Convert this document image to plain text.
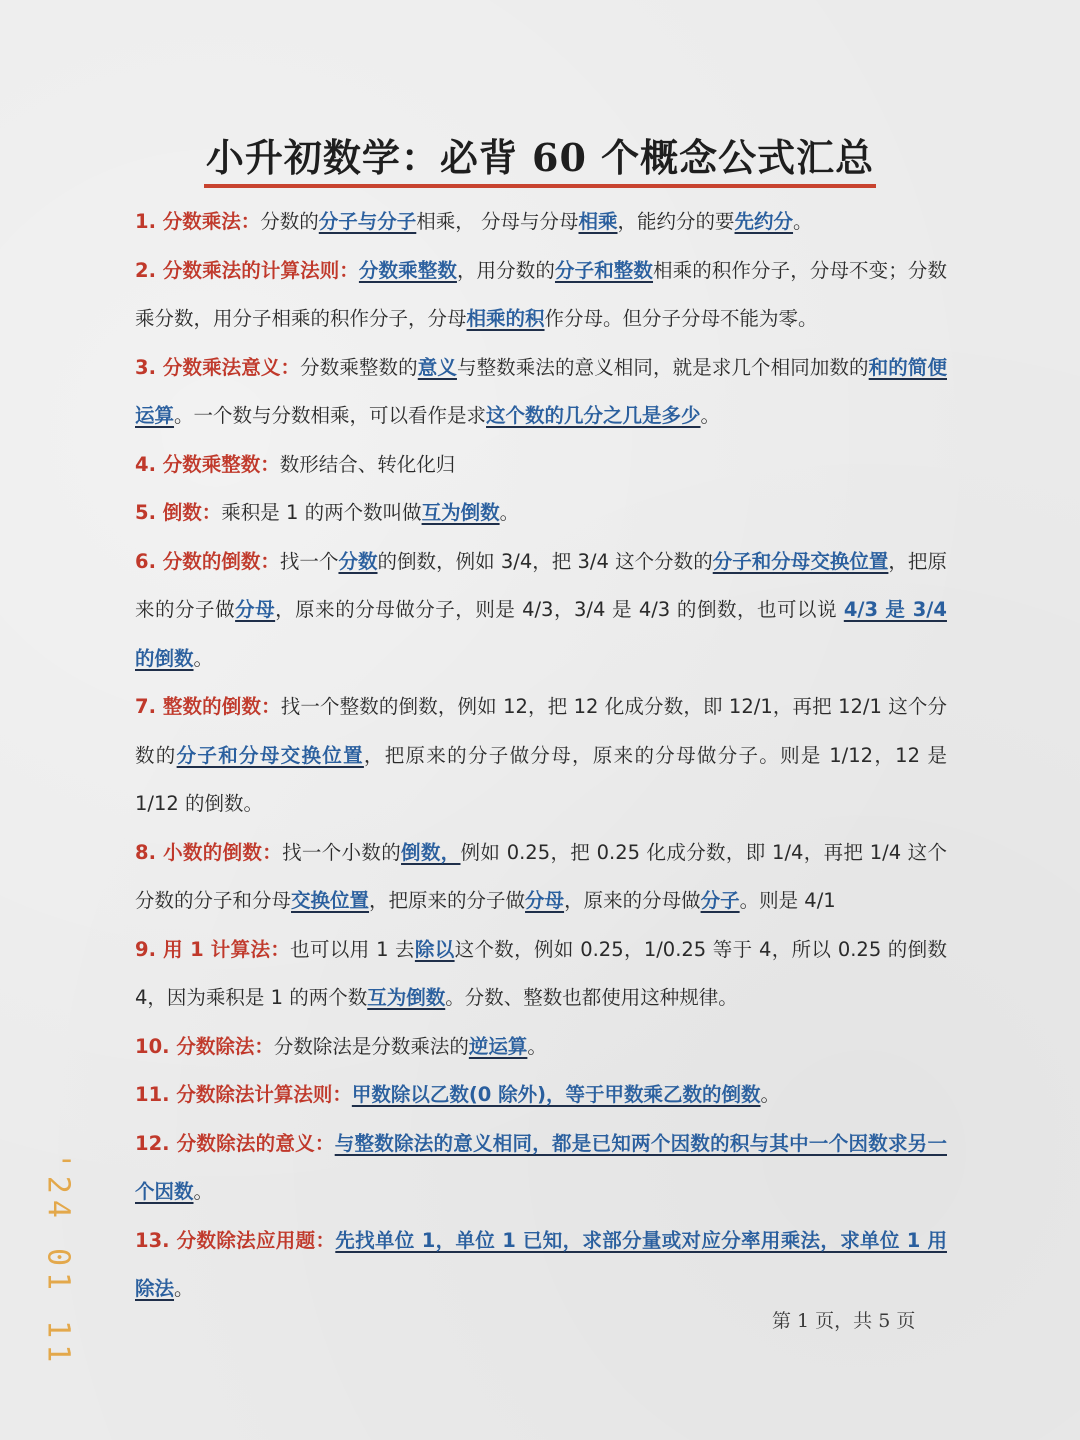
小升初数学：必背 60 个概念公式汇总

1. 分数乘法：分数的分子与分子相乘， 分母与分母相乘，能约分的要先约分。

2. 分数乘法的计算法则：分数乘整数，用分数的分子和整数相乘的积作分子，分母不变；分数乘分数，用分子相乘的积作分子，分母相乘的积作分母。但分子分母不能为零。

3. 分数乘法意义：分数乘整数的意义与整数乘法的意义相同，就是求几个相同加数的和的简便运算。一个数与分数相乘，可以看作是求这个数的几分之几是多少。

4. 分数乘整数：数形结合、转化化归

5. 倒数：乘积是 1 的两个数叫做互为倒数。

6. 分数的倒数：找一个分数的倒数，例如 3/4，把 3/4 这个分数的分子和分母交换位置，把原来的分子做分母，原来的分母做分子，则是 4/3，3/4 是 4/3 的倒数，也可以说 4/3 是 3/4 的倒数。

7. 整数的倒数：找一个整数的倒数，例如 12，把 12 化成分数，即 12/1，再把 12/1 这个分数的分子和分母交换位置，把原来的分子做分母，原来的分母做分子。则是 1/12，12 是 1/12 的倒数。

8. 小数的倒数：找一个小数的倒数，例如 0.25，把 0.25 化成分数，即 1/4，再把 1/4 这个分数的分子和分母交换位置，把原来的分子做分母，原来的分母做分子。则是 4/1

9. 用 1 计算法：也可以用 1 去除以这个数，例如 0.25，1/0.25 等于 4，所以 0.25 的倒数 4，因为乘积是 1 的两个数互为倒数。分数、整数也都使用这种规律。

10. 分数除法：分数除法是分数乘法的逆运算。

11. 分数除法计算法则：甲数除以乙数(0 除外)，等于甲数乘乙数的倒数。

12. 分数除法的意义：与整数除法的意义相同，都是已知两个因数的积与其中一个因数求另一个因数。

13. 分数除法应用题：先找单位 1，单位 1 已知，求部分量或对应分率用乘法，求单位 1 用除法。

第 1 页，共 5 页
'24 01 11
